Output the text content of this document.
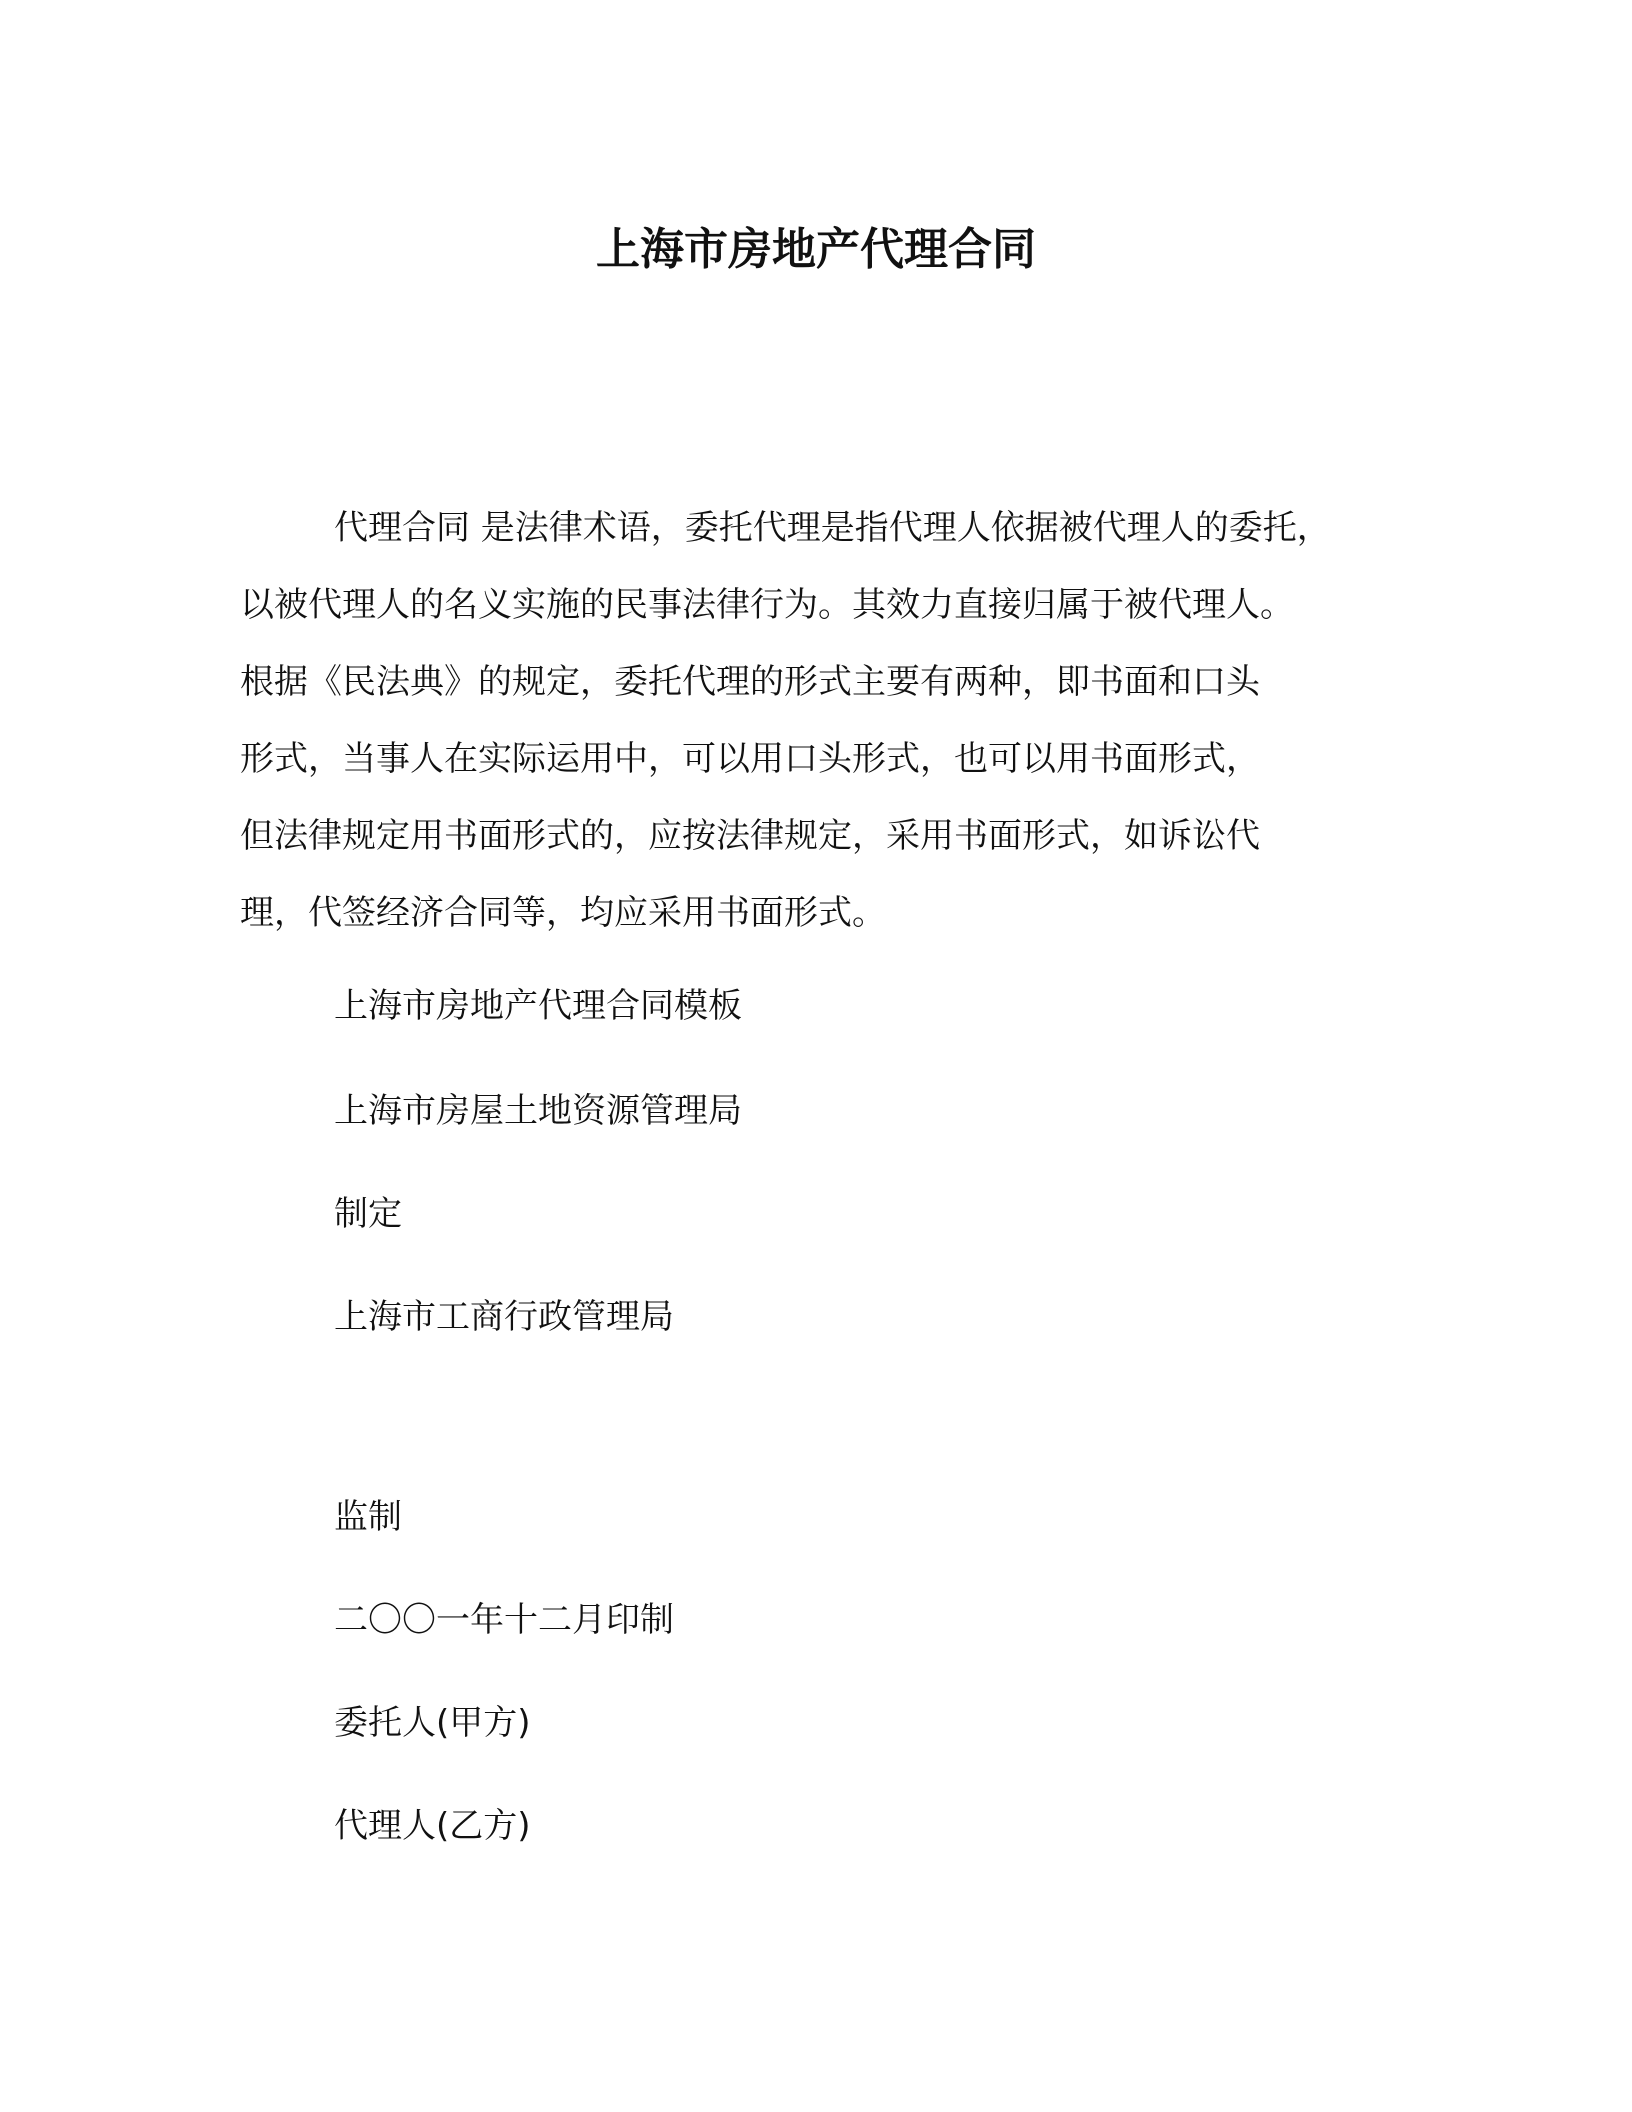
上海市房地产代理合同
代理合同 是法律术语，委托代理是指代理人依据被代理人的委托，
以被代理人的名义实施的民事法律行为。其效力直接归属于被代理人。
根据《民法典》的规定，委托代理的形式主要有两种，即书面和口头
形式，当事人在实际运用中，可以用口头形式，也可以用书面形式，
但法律规定用书面形式的，应按法律规定，采用书面形式，如诉讼代
理，代签经济合同等，均应采用书面形式。

上海市房地产代理合同模板

上海市房屋土地资源管理局

制定

上海市工商行政管理局

监制

二〇〇一年十二月印制

委托人(甲方)

代理人(乙方)
